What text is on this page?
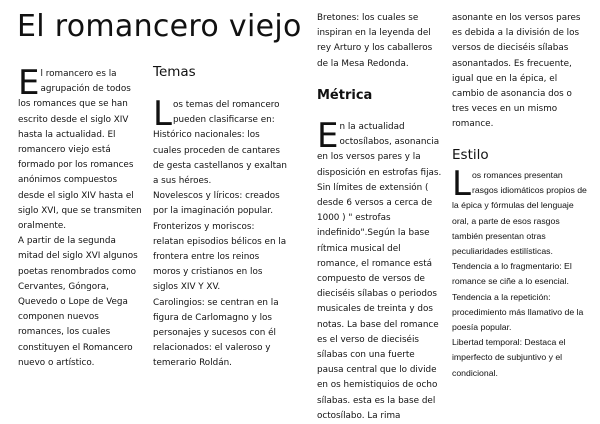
El romancero viejo

El romancero es la agrupación de todos los romances que se han escrito desde el siglo XIV hasta la actualidad. El romancero viejo está formado por los romances anónimos compuestos desde el siglo XIV hasta el siglo XVI, que se transmiten oralmente.

A partir de la segunda mitad del siglo XVI algunos poetas renombrados como Cervantes, Góngora, Quevedo o Lope de Vega componen nuevos romances, los cuales constituyen el Romancero nuevo o artístico.

Temas

Los temas del romancero pueden clasificarse en:

Histórico nacionales: los cuales proceden de cantares de gesta castellanos y exaltan a sus héroes.

Novelescos y líricos: creados por la imaginación popular.

Fronterizos y moriscos: relatan episodios bélicos en la frontera entre los reinos moros y cristianos en los siglos XIV Y XV.

Carolingios: se centran en la figura de Carlomagno y los personajes y sucesos con él relacionados: el valeroso y temerario Roldán.

Bretones: los cuales se inspiran en la leyenda del rey Arturo y los caballeros de la Mesa Redonda.

Métrica

En la actualidad octosílabos, asonancia en los versos pares y la disposición en estrofas fijas. Sin límites de extensión ( desde 6 versos a cerca de 1000 ) " estrofas indefinido".Según la base rítmica musical del romance, el romance está compuesto de versos de dieciséis sílabas o periodos musicales de treinta y dos notas. La base del romance es el verso de dieciséis sílabas con una fuerte pausa central que lo divide en os hemistiquios de ocho sílabas. esta es la base del octosílabo. La rima

asonante en los versos pares es debida a la división de los versos de dieciséis sílabas asonantados. Es frecuente, igual que en la épica, el cambio de asonancia dos o tres veces en un mismo romance.

Estilo

Los romances presentan rasgos idiomáticos propios de la épica y fórmulas del lenguaje oral, a parte de esos rasgos también presentan otras peculiaridades estilísticas.

Tendencia a lo fragmentario: El romance se ciñe a lo esencial.

Tendencia a la repetición: procedimiento más llamativo de la poesía popular.

Libertad temporal: Destaca el imperfecto de subjuntivo y el condicional.
